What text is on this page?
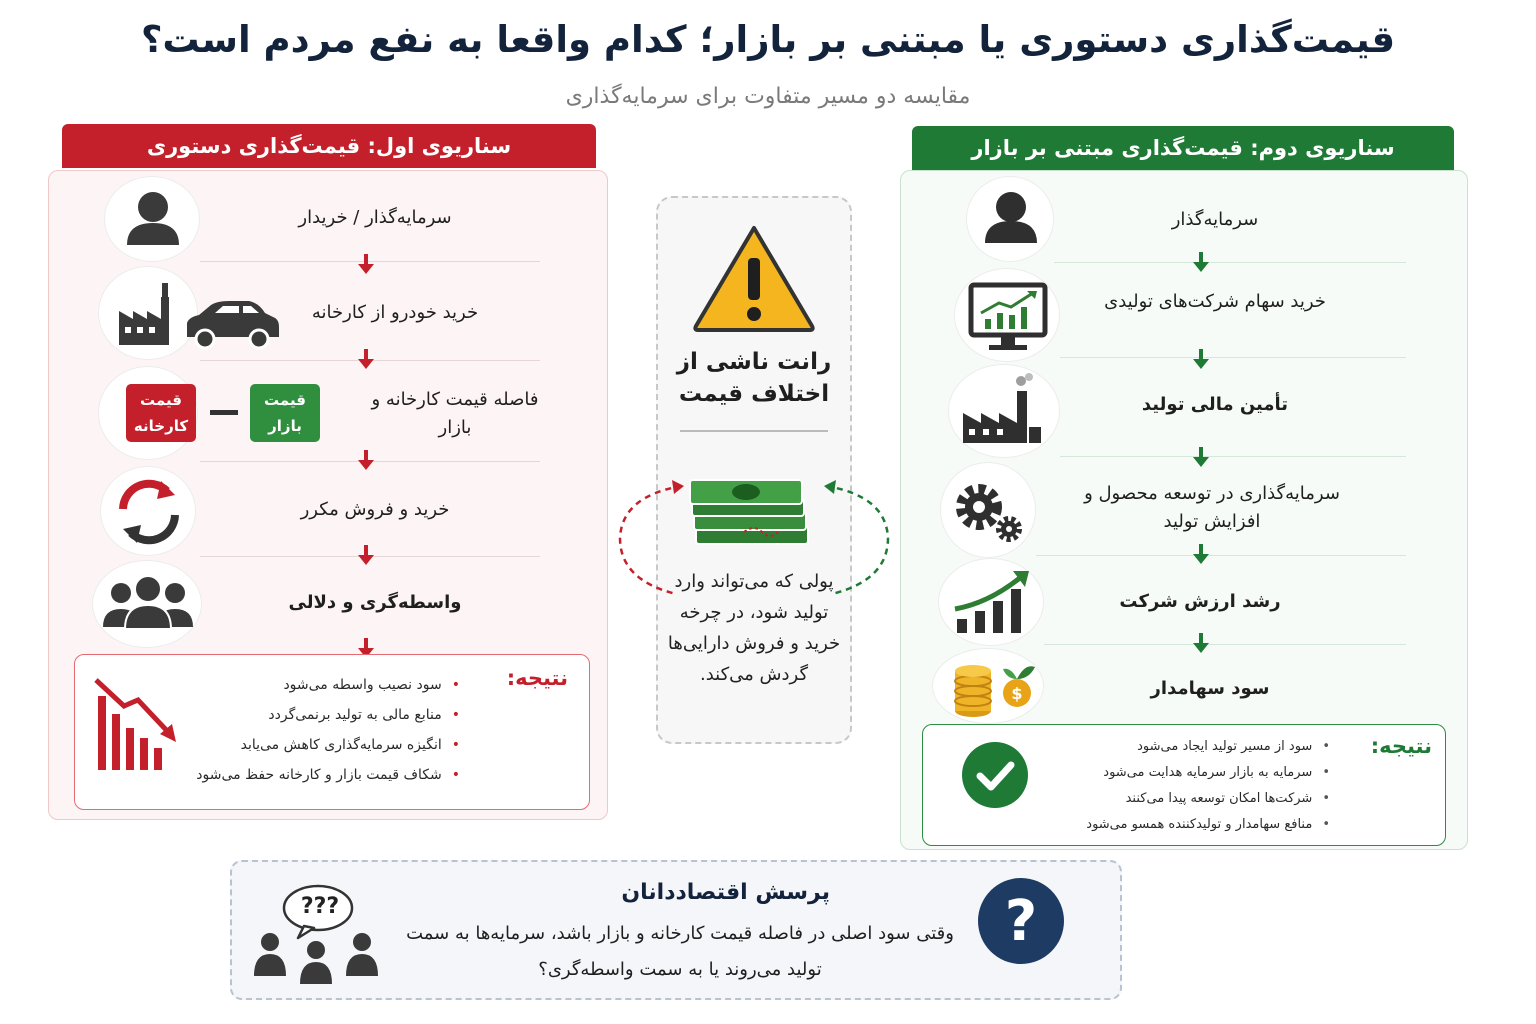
قیمت‌گذاری دستوری یا مبتنی بر بازار؛ کدام واقعا به نفع مردم است؟
مقایسه دو مسیر متفاوت برای سرمایه‌گذاری
سناریوی اول: قیمت‌گذاری دستوری
سرمایه‌گذار / خریدار
خرید خودرو از کارخانه
قیمت کارخانه
قیمت بازار
فاصله قیمت کارخانه و بازار
خرید و فروش مکرر
واسطه‌گری و دلالی
نتیجه:
• سود نصیب واسطه می‌شود
• منابع مالی به تولید برنمی‌گردد
• انگیزه سرمایه‌گذاری کاهش می‌یابد
• شکاف قیمت بازار و کارخانه حفظ می‌شود
رانت ناشی از اختلاف قیمت
پولی که می‌تواند وارد تولید شود، در چرخه خرید و فروش دارایی‌ها گردش می‌کند.
سناریوی دوم: قیمت‌گذاری مبتنی بر بازار
سرمایه‌گذار
خرید سهام شرکت‌های تولیدی
تأمین مالی تولید
سرمایه‌گذاری در توسعه محصول و افزایش تولید
رشد ارزش شرکت
$	سود سهامدار
نتیجه:
• سود از مسیر تولید ایجاد می‌شود
• سرمایه به بازار سرمایه هدایت می‌شود
• شرکت‌ها امکان توسعه پیدا می‌کنند
• منافع سهامدار و تولیدکننده همسو می‌شود
???
پرسش اقتصاددانان
وقتی سود اصلی در فاصله قیمت کارخانه و بازار باشد، سرمایه‌ها به سمت تولید می‌روند یا به سمت واسطه‌گری؟
?
